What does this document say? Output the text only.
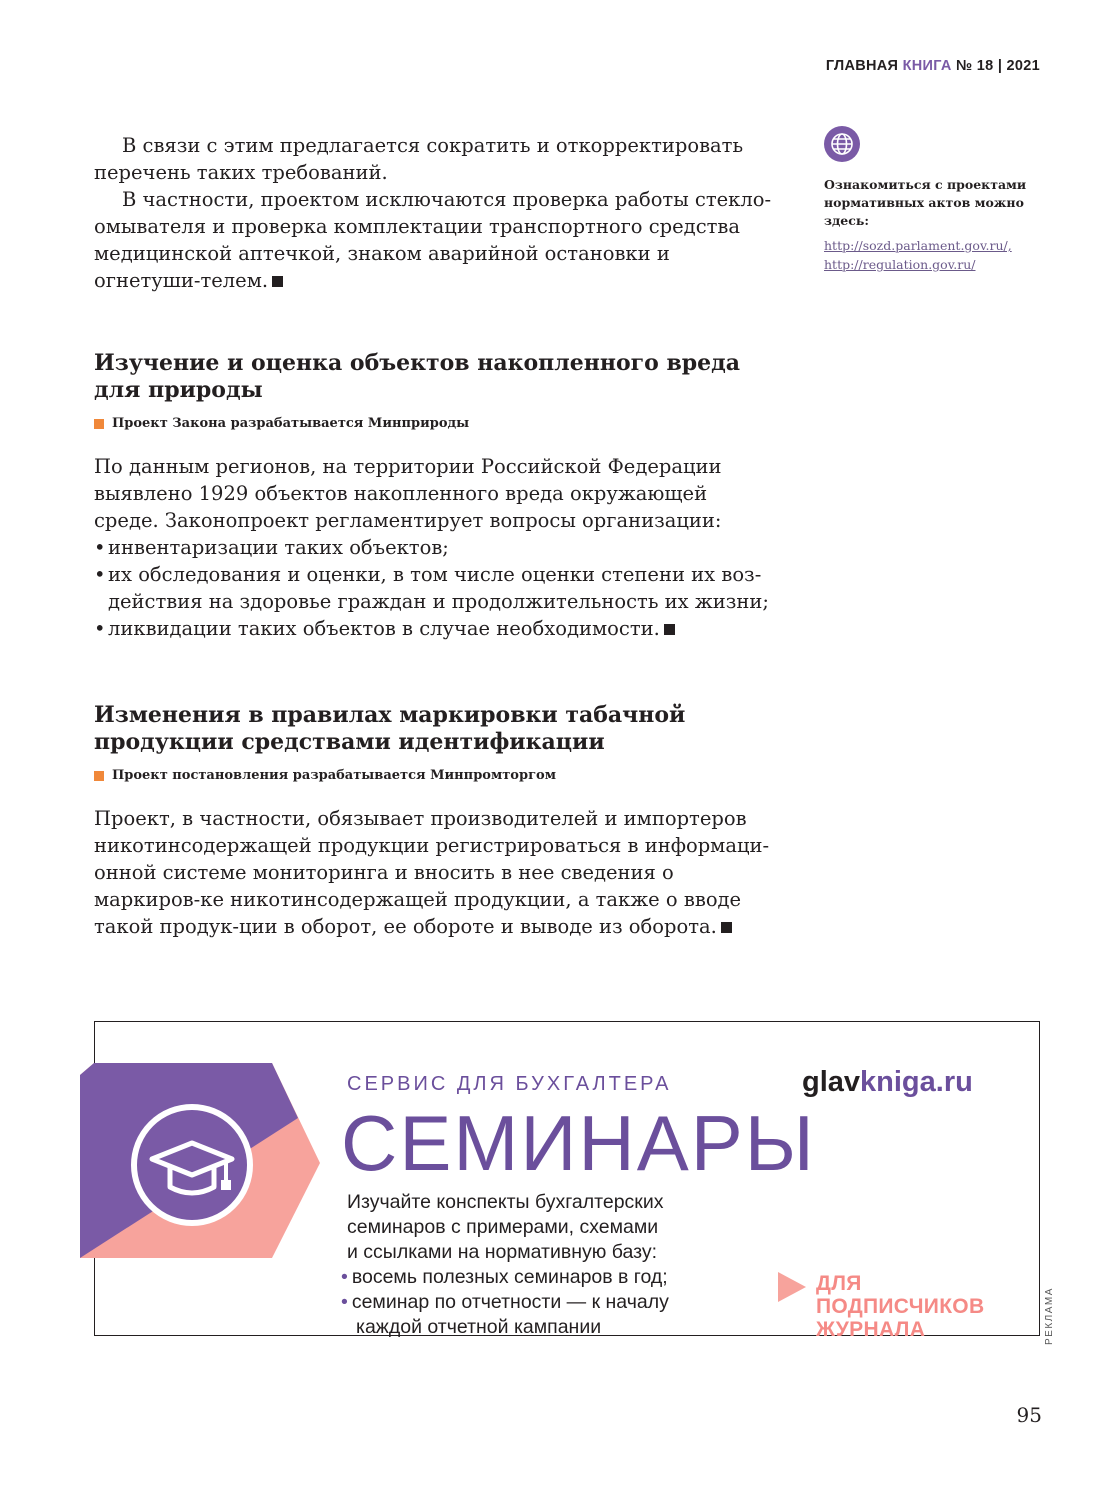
ГЛАВНАЯ КНИГА № 18 | 2021

В связи с этим предлагается сократить и откорректировать перечень таких требований.

В частности, проектом исключаются проверка работы стекло-омывателя и проверка комплектации транспортного средства медицинской аптечкой, знаком аварийной остановки и огнетуши-телем.

Ознакомиться с проектами нормативных актов можно здесь:
http://sozd.parlament.gov.ru/,
http://regulation.gov.ru/
Изучение и оценка объектов накопленного вреда для природы
Проект Закона разрабатывается Минприроды

По данным регионов, на территории Российской Федерации выявлено 1929 объектов накопленного вреда окружающей среде. Законопроект регламентирует вопросы организации:

• инвентаризации таких объектов;
• их обследования и оценки, в том числе оценки степени их воз-действия на здоровье граждан и продолжительность их жизни;
• ликвидации таких объектов в случае необходимости.
Изменения в правилах маркировки табачной продукции средствами идентификации
Проект постановления разрабатывается Минпромторгом

Проект, в частности, обязывает производителей и импортеров никотинсодержащей продукции регистрироваться в информаци-онной системе мониторинга и вносить в нее сведения о маркиров-ке никотинсодержащей продукции, а также о вводе такой продук-ции в оборот, ее обороте и выводе из оборота.

СЕРВИС ДЛЯ БУХГАЛТЕРА
СЕМИНАРЫ
glavkniga.ru
Изучайте конспекты бухгалтерских
семинаров с примерами, схемами
и ссылками на нормативную базу:
• восемь полезных семинаров в год;
• семинар по отчетности — к началу
каждой отчетной кампании
ДЛЯ
ПОДПИСЧИКОВ
ЖУРНАЛА	РЕКЛАМА
95
